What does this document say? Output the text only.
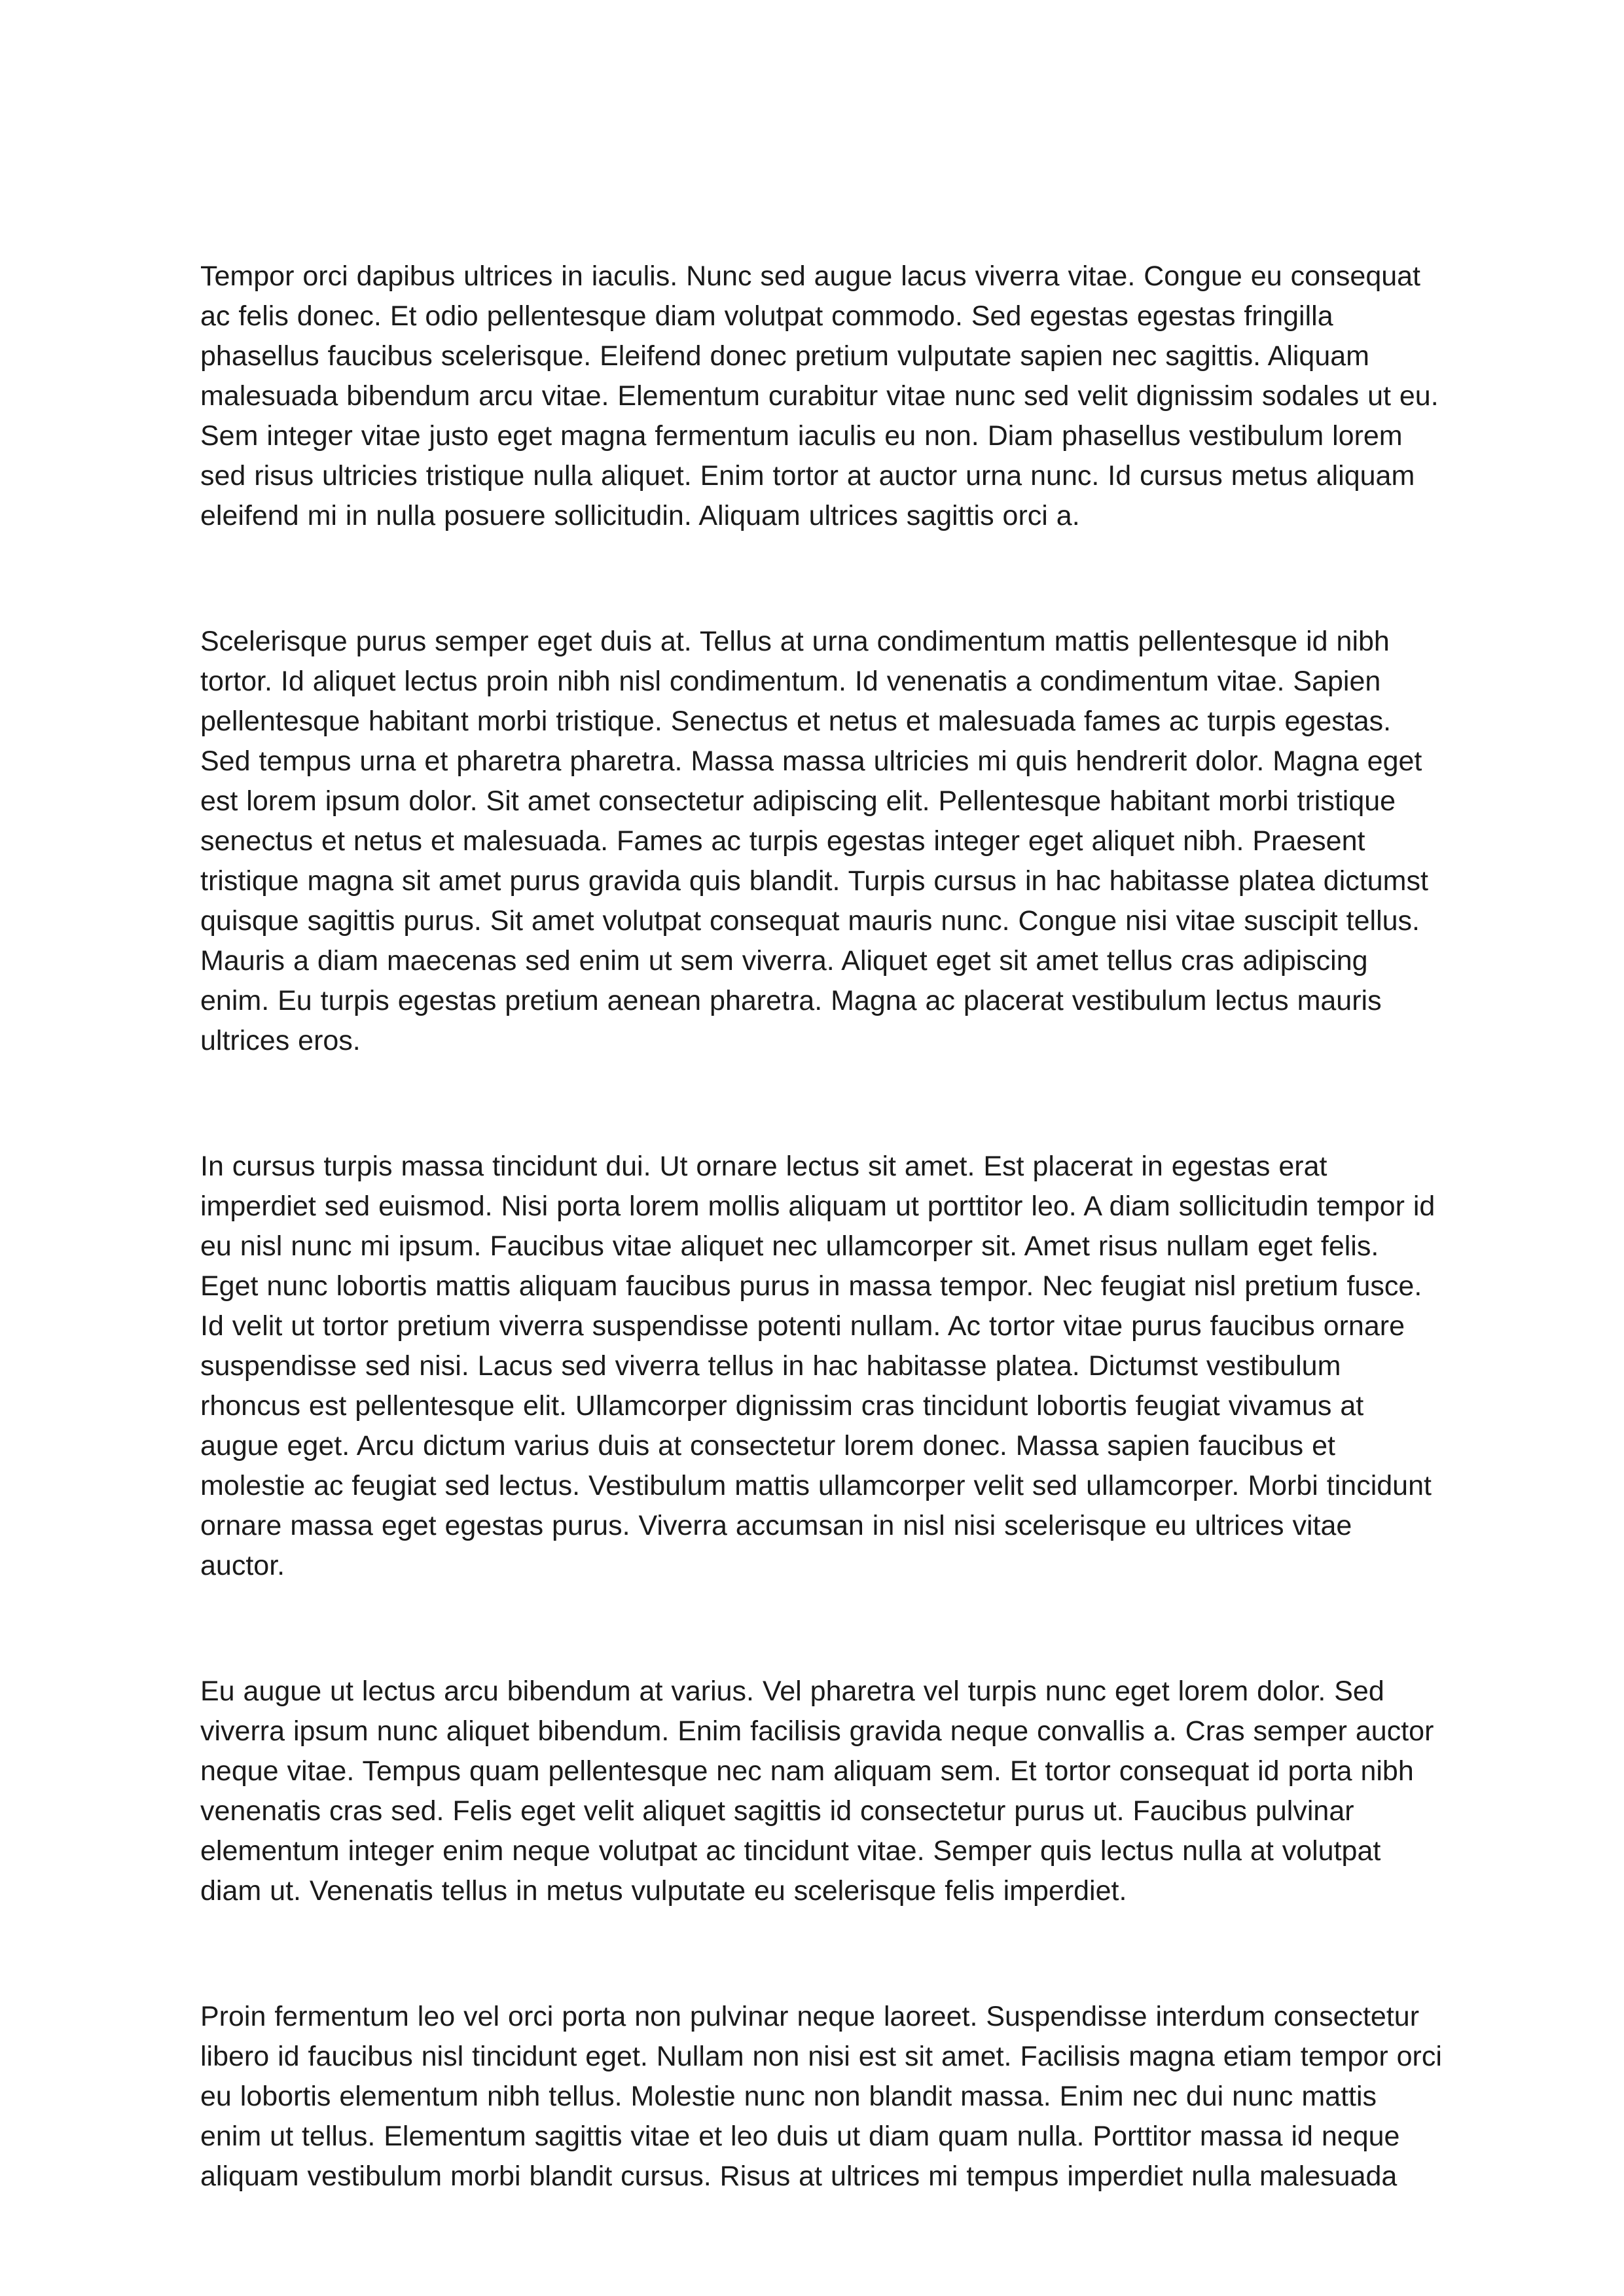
Tempor orci dapibus ultrices in iaculis. Nunc sed augue lacus viverra vitae. Congue eu consequat ac felis donec. Et odio pellentesque diam volutpat commodo. Sed egestas egestas fringilla phasellus faucibus scelerisque. Eleifend donec pretium vulputate sapien nec sagittis. Aliquam malesuada bibendum arcu vitae. Elementum curabitur vitae nunc sed velit dignissim sodales ut eu. Sem integer vitae justo eget magna fermentum iaculis eu non. Diam phasellus vestibulum lorem sed risus ultricies tristique nulla aliquet. Enim tortor at auctor urna nunc. Id cursus metus aliquam eleifend mi in nulla posuere sollicitudin. Aliquam ultrices sagittis orci a.

Scelerisque purus semper eget duis at. Tellus at urna condimentum mattis pellentesque id nibh tortor. Id aliquet lectus proin nibh nisl condimentum. Id venenatis a condimentum vitae. Sapien pellentesque habitant morbi tristique. Senectus et netus et malesuada fames ac turpis egestas. Sed tempus urna et pharetra pharetra. Massa massa ultricies mi quis hendrerit dolor. Magna eget est lorem ipsum dolor. Sit amet consectetur adipiscing elit. Pellentesque habitant morbi tristique senectus et netus et malesuada. Fames ac turpis egestas integer eget aliquet nibh. Praesent tristique magna sit amet purus gravida quis blandit. Turpis cursus in hac habitasse platea dictumst quisque sagittis purus. Sit amet volutpat consequat mauris nunc. Congue nisi vitae suscipit tellus. Mauris a diam maecenas sed enim ut sem viverra. Aliquet eget sit amet tellus cras adipiscing enim. Eu turpis egestas pretium aenean pharetra. Magna ac placerat vestibulum lectus mauris ultrices eros.

In cursus turpis massa tincidunt dui. Ut ornare lectus sit amet. Est placerat in egestas erat imperdiet sed euismod. Nisi porta lorem mollis aliquam ut porttitor leo. A diam sollicitudin tempor id eu nisl nunc mi ipsum. Faucibus vitae aliquet nec ullamcorper sit. Amet risus nullam eget felis. Eget nunc lobortis mattis aliquam faucibus purus in massa tempor. Nec feugiat nisl pretium fusce. Id velit ut tortor pretium viverra suspendisse potenti nullam. Ac tortor vitae purus faucibus ornare suspendisse sed nisi. Lacus sed viverra tellus in hac habitasse platea. Dictumst vestibulum rhoncus est pellentesque elit. Ullamcorper dignissim cras tincidunt lobortis feugiat vivamus at augue eget. Arcu dictum varius duis at consectetur lorem donec. Massa sapien faucibus et molestie ac feugiat sed lectus. Vestibulum mattis ullamcorper velit sed ullamcorper. Morbi tincidunt ornare massa eget egestas purus. Viverra accumsan in nisl nisi scelerisque eu ultrices vitae auctor.

Eu augue ut lectus arcu bibendum at varius. Vel pharetra vel turpis nunc eget lorem dolor. Sed viverra ipsum nunc aliquet bibendum. Enim facilisis gravida neque convallis a. Cras semper auctor neque vitae. Tempus quam pellentesque nec nam aliquam sem. Et tortor consequat id porta nibh venenatis cras sed. Felis eget velit aliquet sagittis id consectetur purus ut. Faucibus pulvinar elementum integer enim neque volutpat ac tincidunt vitae. Semper quis lectus nulla at volutpat diam ut. Venenatis tellus in metus vulputate eu scelerisque felis imperdiet.

Proin fermentum leo vel orci porta non pulvinar neque laoreet. Suspendisse interdum consectetur libero id faucibus nisl tincidunt eget. Nullam non nisi est sit amet. Facilisis magna etiam tempor orci eu lobortis elementum nibh tellus. Molestie nunc non blandit massa. Enim nec dui nunc mattis enim ut tellus. Elementum sagittis vitae et leo duis ut diam quam nulla. Porttitor massa id neque aliquam vestibulum morbi blandit cursus. Risus at ultrices mi tempus imperdiet nulla malesuada
